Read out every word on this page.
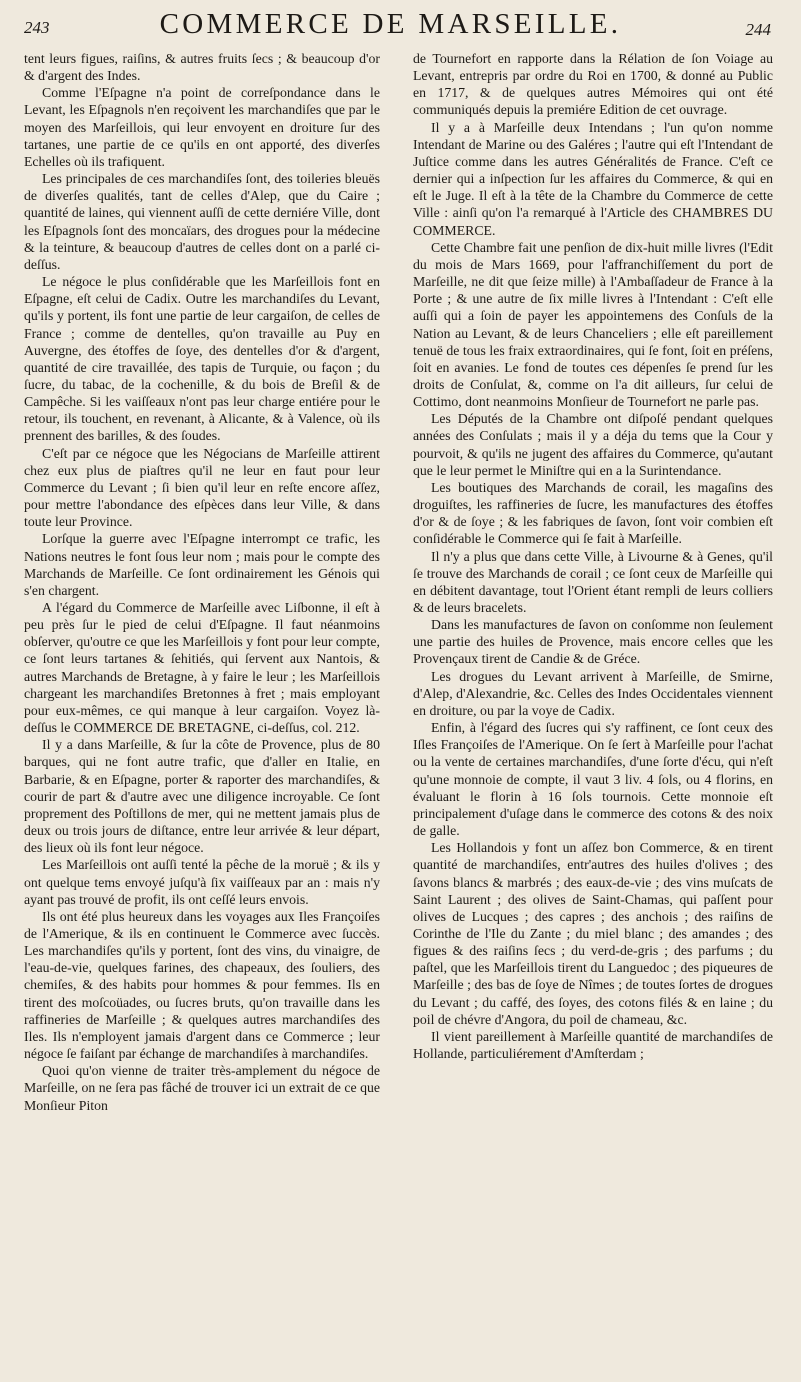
243	COMMERCE DE MARSEILLE.	244

tent leurs figues, raiſins, & autres fruits ſecs ; & beaucoup d'or & d'argent des Indes.

Comme l'Eſpagne n'a point de correſpondance dans le Levant, les Eſpagnols n'en reçoivent les marchandiſes que par le moyen des Marſeillois, qui leur envoyent en droiture ſur des tartanes, une partie de ce qu'ils en ont apporté, des diverſes Echelles où ils trafiquent.

Les principales de ces marchandiſes ſont, des toileries bleuës de diverſes qualités, tant de celles d'Alep, que du Caire ; quantité de laines, qui viennent auſſi de cette derniére Ville, dont les Eſpagnols ſont des moncaïars, des drogues pour la médecine & la teinture, & beaucoup d'autres de celles dont on a parlé ci-deſſus.

Le négoce le plus conſidérable que les Marſeillois font en Eſpagne, eſt celui de Cadix. Outre les marchandiſes du Levant, qu'ils y portent, ils font une partie de leur cargaiſon, de celles de France ; comme de dentelles, qu'on travaille au Puy en Auvergne, des étoffes de ſoye, des dentelles d'or & d'argent, quantité de cire travaillée, des tapis de Turquie, ou façon ; du ſucre, du tabac, de la cochenille, & du bois de Breſil & de Campêche. Si les vaiſſeaux n'ont pas leur charge entiére pour le retour, ils touchent, en revenant, à Alicante, & à Valence, où ils prennent des barilles, & des ſoudes.

C'eſt par ce négoce que les Négocians de Marſeille attirent chez eux plus de piaſtres qu'il ne leur en faut pour leur Commerce du Levant ; ſi bien qu'il leur en reſte encore aſſez, pour mettre l'abondance des eſpèces dans leur Ville, & dans toute leur Province.

Lorſque la guerre avec l'Eſpagne interrompt ce trafic, les Nations neutres le font ſous leur nom ; mais pour le compte des Marchands de Marſeille. Ce ſont ordinairement les Génois qui s'en chargent.

A l'égard du Commerce de Marſeille avec Liſbonne, il eſt à peu près ſur le pied de celui d'Eſpagne. Il faut néanmoins obſerver, qu'outre ce que les Marſeillois y font pour leur compte, ce ſont leurs tartanes & ſehitiés, qui ſervent aux Nantois, & autres Marchands de Bretagne, à y faire le leur ; les Marſeillois chargeant les marchandiſes Bretonnes à fret ; mais employant pour eux-mêmes, ce qui manque à leur cargaiſon. Voyez là-deſſus le COMMERCE DE BRETAGNE, ci-deſſus, col. 212.

Il y a dans Marſeille, & ſur la côte de Provence, plus de 80 barques, qui ne font autre trafic, que d'aller en Italie, en Barbarie, & en Eſpagne, porter & raporter des marchandiſes, & courir de part & d'autre avec une diligence incroyable. Ce ſont proprement des Poſtillons de mer, qui ne mettent jamais plus de deux ou trois jours de diſtance, entre leur arrivée & leur départ, des lieux où ils font leur négoce.

Les Marſeillois ont auſſi tenté la pêche de la moruë ; & ils y ont quelque tems envoyé juſqu'à ſix vaiſſeaux par an : mais n'y ayant pas trouvé de profit, ils ont ceſſé leurs envois.

Ils ont été plus heureux dans les voyages aux Iles Françoiſes de l'Amerique, & ils en continuent le Commerce avec ſuccès. Les marchandiſes qu'ils y portent, ſont des vins, du vinaigre, de l'eau-de-vie, quelques farines, des chapeaux, des ſouliers, des chemiſes, & des habits pour hommes & pour femmes. Ils en tirent des moſcoüades, ou ſucres bruts, qu'on travaille dans les raffineries de Marſeille ; & quelques autres marchandiſes des Iles. Ils n'employent jamais d'argent dans ce Commerce ; leur négoce ſe faiſant par échange de marchandiſes à marchandiſes.

Quoi qu'on vienne de traiter très-amplement du négoce de Marſeille, on ne ſera pas fâché de trouver ici un extrait de ce que Monſieur Piton

de Tournefort en rapporte dans la Rélation de ſon Voiage au Levant, entrepris par ordre du Roi en 1700, & donné au Public en 1717, & de quelques autres Mémoires qui ont été communiqués depuis la premiére Edition de cet ouvrage.

Il y a à Marſeille deux Intendans ; l'un qu'on nomme Intendant de Marine ou des Galéres ; l'autre qui eſt l'Intendant de Juſtice comme dans les autres Généralités de France. C'eſt ce dernier qui a inſpection ſur les affaires du Commerce, & qui en eſt le Juge. Il eſt à la tête de la Chambre du Commerce de cette Ville : ainſi qu'on l'a remarqué à l'Article des CHAMBRES DU COMMERCE.

Cette Chambre fait une penſion de dix-huit mille livres (l'Edit du mois de Mars 1669, pour l'affranchiſſement du port de Marſeille, ne dit que ſeize mille) à l'Ambaſſadeur de France à la Porte ; & une autre de ſix mille livres à l'Intendant : C'eſt elle auſſi qui a ſoin de payer les appointemens des Conſuls de la Nation au Levant, & de leurs Chanceliers ; elle eſt pareillement tenuë de tous les fraix extraordinaires, qui ſe font, ſoit en préſens, ſoit en avanies. Le fond de toutes ces dépenſes ſe prend ſur les droits de Conſulat, &, comme on l'a dit ailleurs, ſur celui de Cottimo, dont neanmoins Monſieur de Tournefort ne parle pas.

Les Députés de la Chambre ont diſpoſé pendant quelques années des Conſulats ; mais il y a déja du tems que la Cour y pourvoit, & qu'ils ne jugent des affaires du Commerce, qu'autant que le leur permet le Miniſtre qui en a la Surintendance.

Les boutiques des Marchands de corail, les magaſins des droguiſtes, les raffineries de ſucre, les manufactures des étoffes d'or & de ſoye ; & les fabriques de ſavon, ſont voir combien eſt conſidérable le Commerce qui ſe fait à Marſeille.

Il n'y a plus que dans cette Ville, à Livourne & à Genes, qu'il ſe trouve des Marchands de corail ; ce ſont ceux de Marſeille qui en débitent davantage, tout l'Orient étant rempli de leurs colliers & de leurs bracelets.

Dans les manufactures de ſavon on conſomme non ſeulement une partie des huiles de Provence, mais encore celles que les Provençaux tirent de Candie & de Gréce.

Les drogues du Levant arrivent à Marſeille, de Smirne, d'Alep, d'Alexandrie, &c. Celles des Indes Occidentales viennent en droiture, ou par la voye de Cadix.

Enfin, à l'égard des ſucres qui s'y raffinent, ce ſont ceux des Iſles Françoiſes de l'Amerique. On ſe ſert à Marſeille pour l'achat ou la vente de certaines marchandiſes, d'une ſorte d'écu, qui n'eſt qu'une monnoie de compte, il vaut 3 liv. 4 ſols, ou 4 florins, en évaluant le florin à 16 ſols tournois. Cette monnoie eſt principalement d'uſage dans le commerce des cotons & des noix de galle.

Les Hollandois y font un aſſez bon Commerce, & en tirent quantité de marchandiſes, entr'autres des huiles d'olives ; des ſavons blancs & marbrés ; des eaux-de-vie ; des vins muſcats de Saint Laurent ; des olives de Saint-Chamas, qui paſſent pour olives de Lucques ; des capres ; des anchois ; des raiſins de Corinthe de l'Ile du Zante ; du miel blanc ; des amandes ; des figues & des raiſins ſecs ; du verd-de-gris ; des parfums ; du paſtel, que les Marſeillois tirent du Languedoc ; des piqueures de Marſeille ; des bas de ſoye de Nîmes ; de toutes ſortes de drogues du Levant ; du caffé, des ſoyes, des cotons filés & en laine ; du poil de chévre d'Angora, du poil de chameau, &c.

Il vient pareillement à Marſeille quantité de marchandiſes de Hollande, particuliérement d'Amſterdam ;
